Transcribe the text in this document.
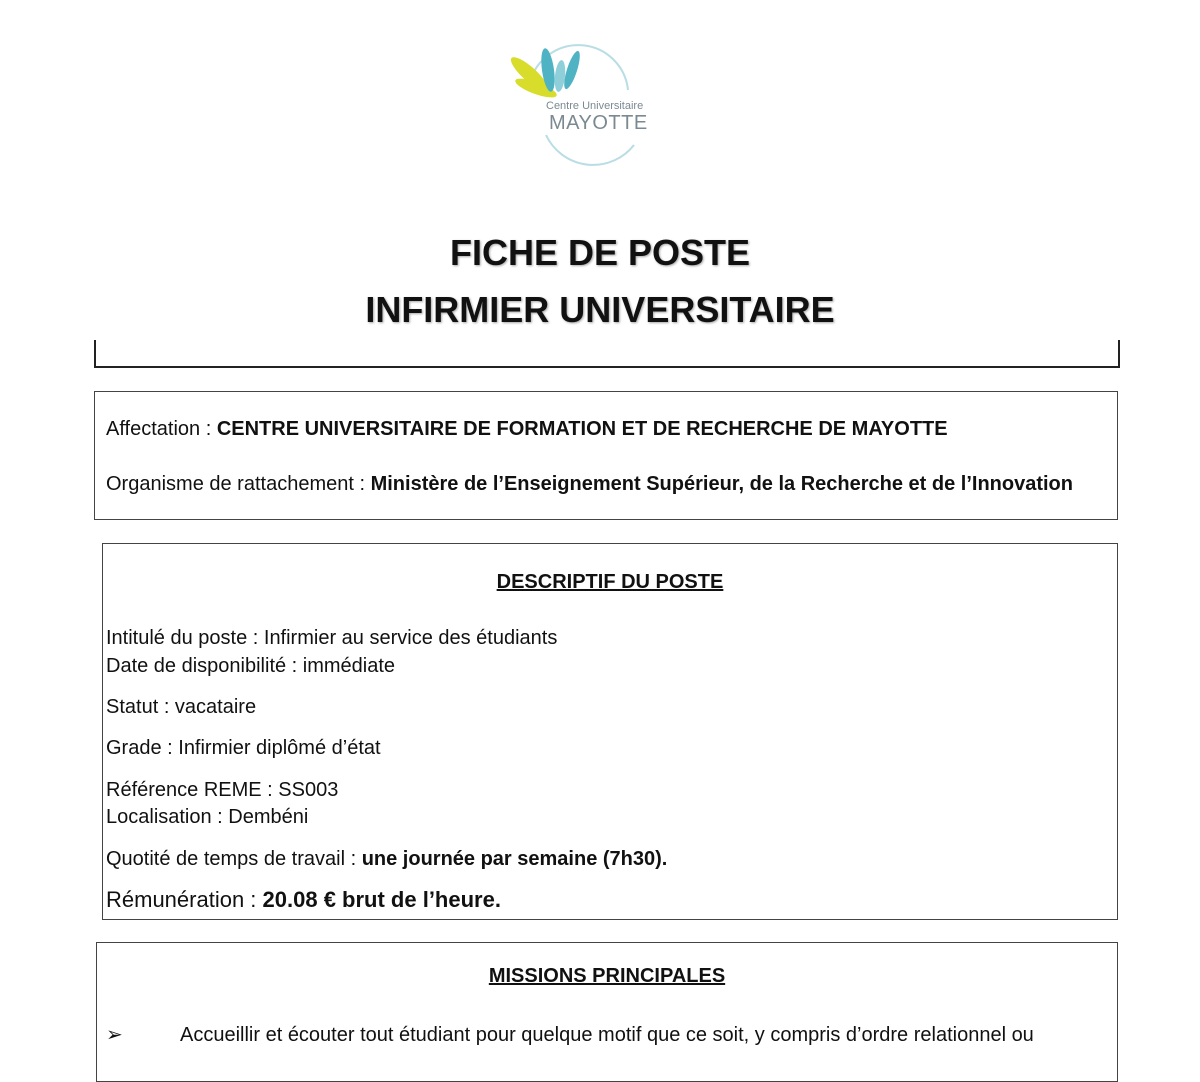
Centre Universitaire
MAYOTTE
FICHE DE POSTE
INFIRMIER UNIVERSITAIRE
Affectation : CENTRE UNIVERSITAIRE DE FORMATION ET DE RECHERCHE DE MAYOTTE
Organisme de rattachement : Ministère de l’Enseignement Supérieur, de la Recherche et de l’Innovation
DESCRIPTIF DU POSTE
Intitulé du poste : Infirmier au service des étudiants
Date de disponibilité : immédiate
Statut : vacataire
Grade : Infirmier diplômé d’état
Référence REME : SS003
Localisation : Dembéni
Quotité de temps de travail : une journée par semaine (7h30).
Rémunération : 20.08 € brut de l’heure.
MISSIONS PRINCIPALES
➢	Accueillir et écouter tout étudiant pour quelque motif que ce soit, y compris d’ordre relationnel ou
